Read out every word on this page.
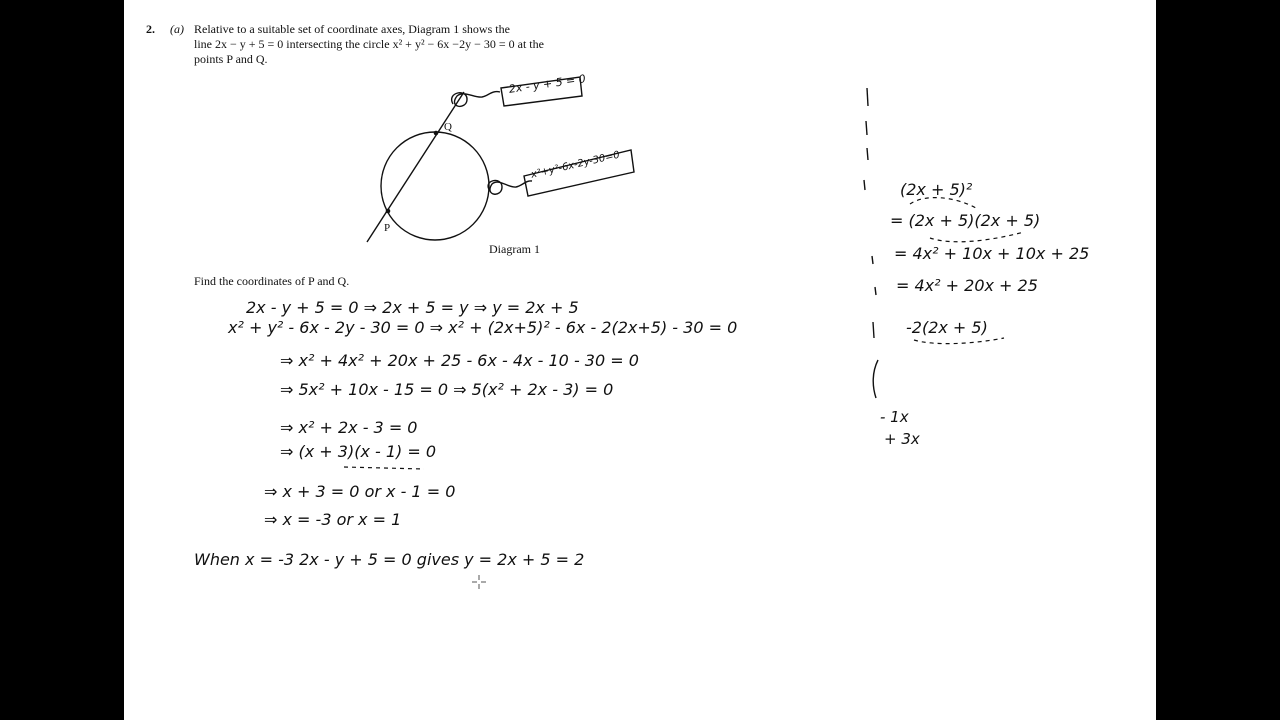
2. (a) Relative to a suitable set of coordinate axes, Diagram 1 shows the
line 2x − y + 5 = 0 intersecting the circle x² + y² − 6x −2y − 30 = 0 at the
points P and Q.
Q
P
Diagram 1
Find the coordinates of P and Q.
2x - y + 5 = 0
x²+y²-6x-2y-30=0
2x - y + 5 = 0 ⇒ 2x + 5 = y ⇒ y = 2x + 5
x² + y² - 6x - 2y - 30 = 0 ⇒ x² + (2x+5)² - 6x - 2(2x+5) - 30 = 0
⇒ x² + 4x² + 20x + 25 - 6x - 4x - 10 - 30 = 0
⇒ 5x² + 10x - 15 = 0 ⇒ 5(x² + 2x - 3) = 0
⇒ x² + 2x - 3 = 0
⇒ (x + 3)(x - 1) = 0
⇒ x + 3 = 0 or x - 1 = 0
⇒ x = -3 or x = 1
When x = -3 2x - y + 5 = 0 gives y = 2x + 5 = 2
(2x + 5)²
= (2x + 5)(2x + 5)
= 4x² + 10x + 10x + 25
= 4x² + 20x + 25
-2(2x + 5)
- 1x
+ 3x
